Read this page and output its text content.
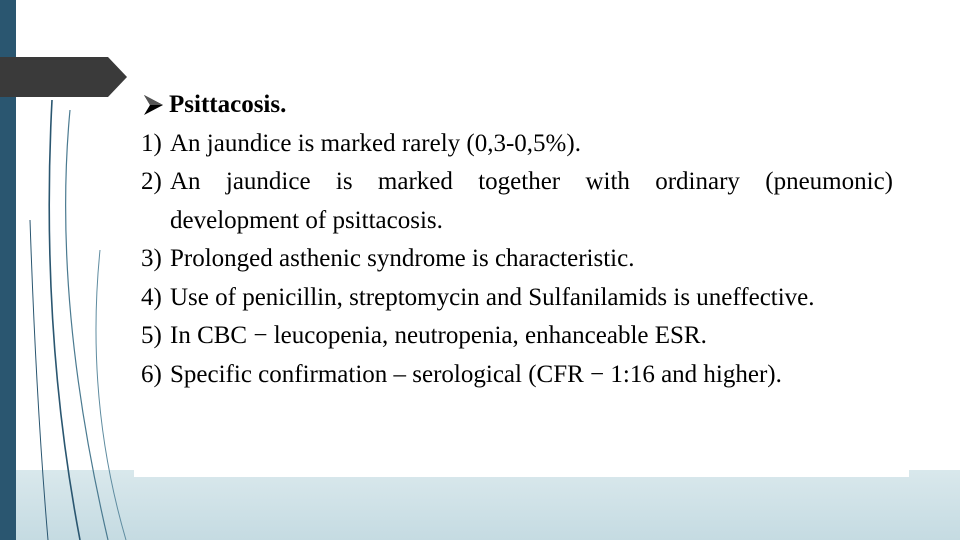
Psittacosis.
1) An jaundice is marked rarely (0,3-0,5%).
2) An jaundice is marked together with ordinary (pneumonic) development of psittacosis.
3) Prolonged asthenic syndrome is characteristic.
4) Use of penicillin, streptomycin and Sulfanilamids is uneffective.
5) In CBC − leucopenia, neutropenia, enhanceable ESR.
6) Specific confirmation – serological (CFR − 1:16 and higher).
